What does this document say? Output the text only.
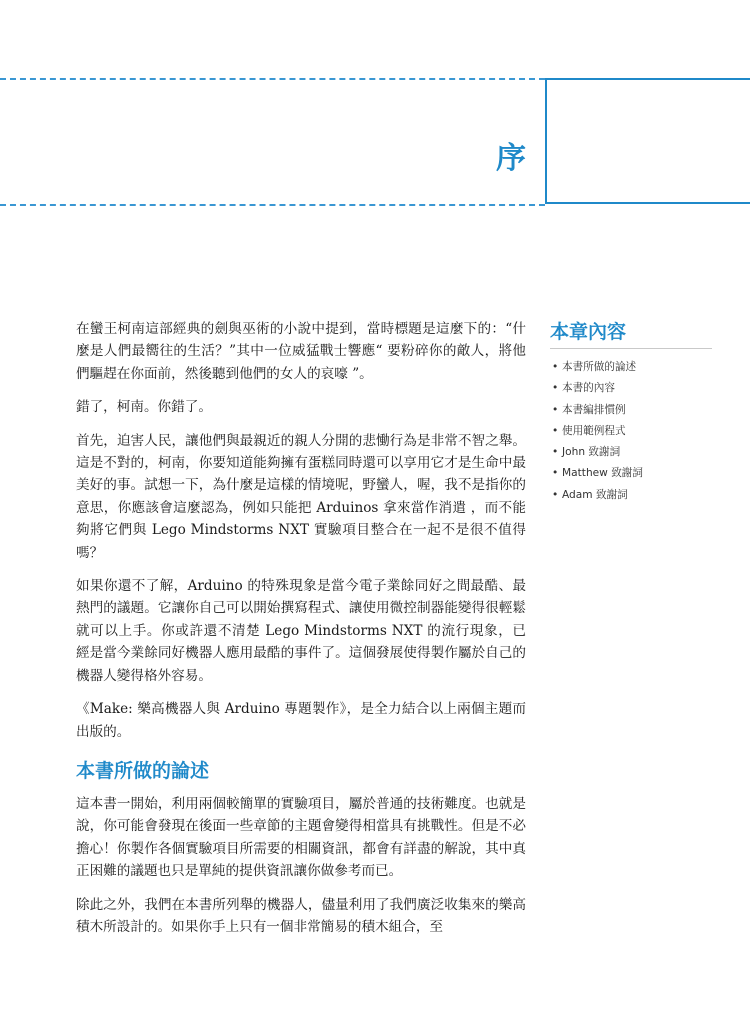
序

在蠻王柯南這部經典的劍與巫術的小說中提到，當時標題是這麼下的：“什麼是人們最嚮往的生活？”其中一位威猛戰士響應“ 要粉碎你的敵人，將他們驅趕在你面前，然後聽到他們的女人的哀嚎 ”。

錯了，柯南。你錯了。

首先，迫害人民，讓他們與最親近的親人分開的悲慟行為是非常不智之舉。這是不對的，柯南，你要知道能夠擁有蛋糕同時還可以享用它才是生命中最美好的事。試想一下，為什麼是這樣的情境呢，野蠻人，喔，我不是指你的意思，你應該會這麼認為，例如只能把 Arduinos 拿來當作消遣 ，而不能夠將它們與 Lego Mindstorms NXT 實驗項目整合在一起不是很不值得嗎？

如果你還不了解，Arduino 的特殊現象是當今電子業餘同好之間最酷、最熱門的議題。它讓你自己可以開始撰寫程式、讓使用微控制器能變得很輕鬆就可以上手。你或許還不清楚 Lego Mindstorms NXT 的流行現象，已經是當今業餘同好機器人應用最酷的事件了。這個發展使得製作屬於自己的機器人變得格外容易。

《Make: 樂高機器人與 Arduino 專題製作》，是全力結合以上兩個主題而出版的。

本書所做的論述

這本書一開始，利用兩個較簡單的實驗項目，屬於普通的技術難度。也就是說，你可能會發現在後面一些章節的主題會變得相當具有挑戰性。但是不必擔心！你製作各個實驗項目所需要的相關資訊，都會有詳盡的解說，其中真正困難的議題也只是單純的提供資訊讓你做參考而已。

除此之外，我們在本書所列舉的機器人，儘量利用了我們廣泛收集來的樂高積木所設計的。如果你手上只有一個非常簡易的積木組合，至

本章內容
• 本書所做的論述
• 本書的內容
• 本書編排慣例
• 使用範例程式
• John 致謝詞
• Matthew 致謝詞
• Adam 致謝詞
